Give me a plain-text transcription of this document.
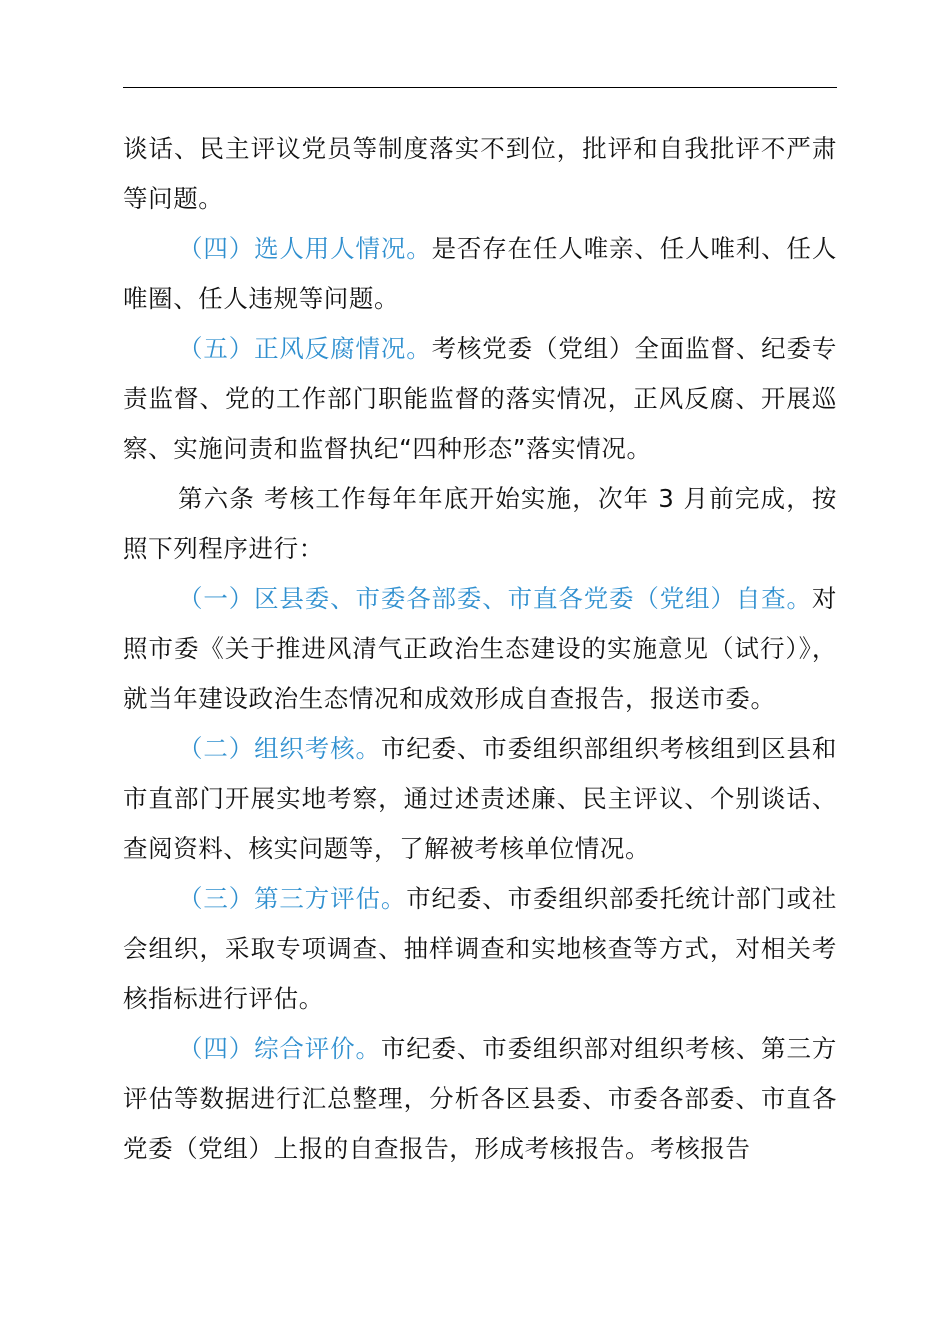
谈话、民主评议党员等制度落实不到位，批评和自我批评不严肃等问题。

（四）选人用人情况。是否存在任人唯亲、任人唯利、任人唯圈、任人违规等问题。

（五）正风反腐情况。考核党委（党组）全面监督、纪委专责监督、党的工作部门职能监督的落实情况，正风反腐、开展巡察、实施问责和监督执纪“四种形态”落实情况。

第六条 考核工作每年年底开始实施，次年 3 月前完成，按照下列程序进行：

（一）区县委、市委各部委、市直各党委（党组）自查。对照市委《关于推进风清气正政治生态建设的实施意见（试行）》，就当年建设政治生态情况和成效形成自查报告，报送市委。

（二）组织考核。市纪委、市委组织部组织考核组到区县和市直部门开展实地考察，通过述责述廉、民主评议、个别谈话、查阅资料、核实问题等，了解被考核单位情况。

（三）第三方评估。市纪委、市委组织部委托统计部门或社会组织，采取专项调查、抽样调查和实地核查等方式，对相关考核指标进行评估。

（四）综合评价。市纪委、市委组织部对组织考核、第三方评估等数据进行汇总整理，分析各区县委、市委各部委、市直各党委（党组）上报的自查报告，形成考核报告。考核报告
